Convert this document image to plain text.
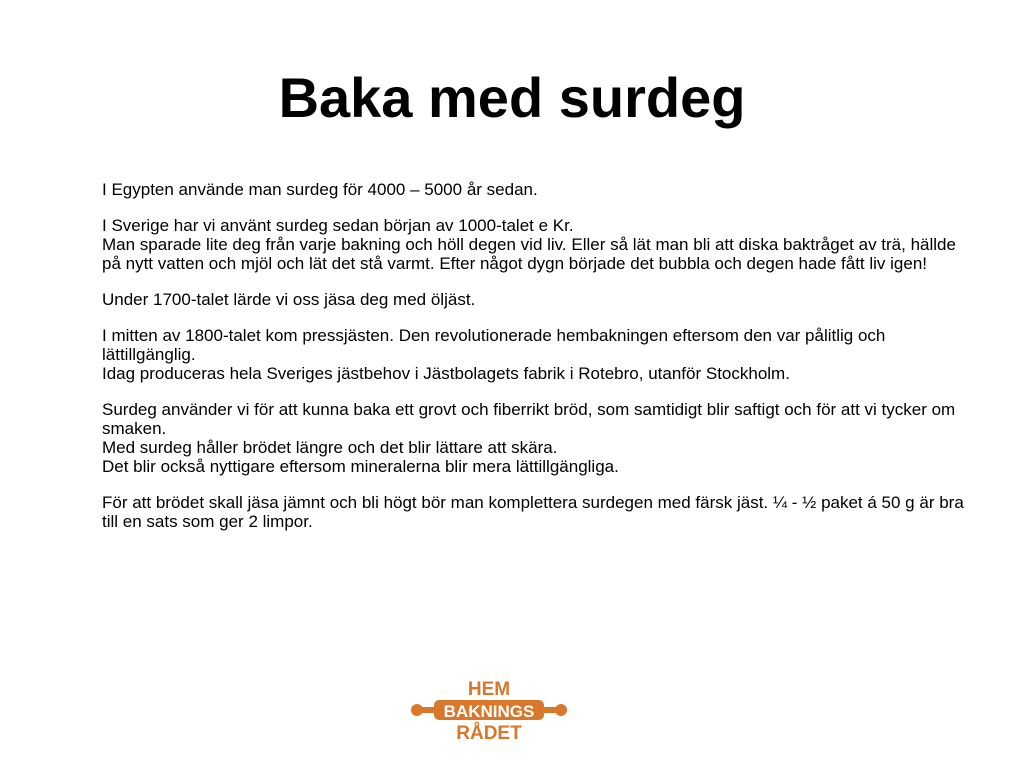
Baka med surdeg

I Egypten använde man surdeg för 4000 – 5000 år sedan.

I Sverige har vi använt surdeg sedan början av 1000-talet e Kr.

Man sparade lite deg från varje bakning och höll degen vid liv. Eller så lät man bli att diska baktråget av trä, hällde på nytt vatten och mjöl och lät det stå varmt. Efter något dygn började det bubbla och degen hade fått liv igen!

Under 1700-talet lärde vi oss jäsa deg med öljäst.

I mitten av 1800-talet kom pressjästen. Den revolutionerade hembakningen eftersom den var pålitlig och lättillgänglig.

Idag produceras hela Sveriges jästbehov i Jästbolagets fabrik i Rotebro, utanför Stockholm.

Surdeg använder vi för att kunna baka ett grovt och fiberrikt bröd, som samtidigt blir saftigt och för att vi tycker om smaken.

Med surdeg håller brödet längre och det blir lättare att skära.

Det blir också nyttigare eftersom mineralerna blir mera lättillgängliga.

För att brödet skall jäsa jämnt och bli högt bör man komplettera surdegen med färsk jäst. ¼ - ½ paket á 50 g är bra till en sats som ger 2 limpor.

HEM
BAKNINGS
RÅDET
